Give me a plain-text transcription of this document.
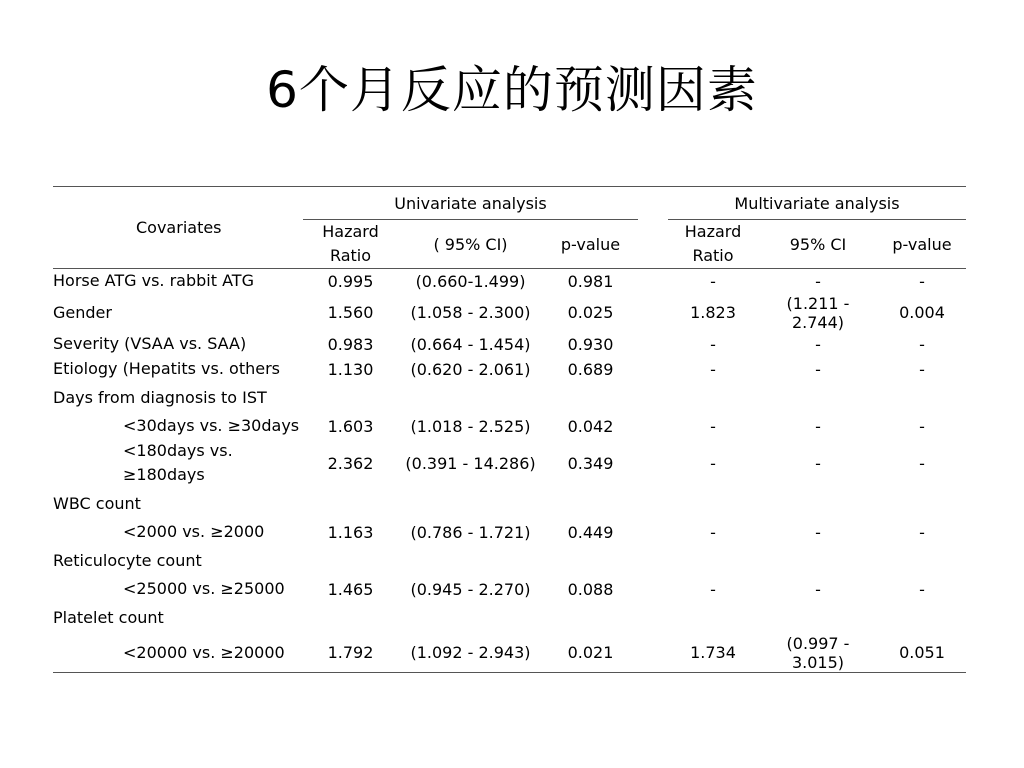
6个月反应的预测因素
Covariates	Univariate analysis				Multivariate analysis		
	Hazard Ratio	( 95% CI)	p-value		Hazard Ratio	95% CI	p-value
Horse ATG vs. rabbit ATG	0.995	(0.660-1.499)	0.981		-	-	-
Gender	1.560	(1.058 - 2.300)	0.025		1.823	(1.211 - 2.744)	0.004
Severity (VSAA vs. SAA)	0.983	(0.664 - 1.454)	0.930		-	-	-
Etiology (Hepatits vs. others	1.130	(0.620 - 2.061)	0.689		-	-	-
Days from diagnosis to IST							
<30days vs. ≥30days	1.603	(1.018 - 2.525)	0.042		-	-	-
<180days vs. ≥180days	2.362	(0.391 - 14.286)	0.349		-	-	-
WBC count							
<2000 vs. ≥2000	1.163	(0.786 - 1.721)	0.449		-	-	-
Reticulocyte count							
<25000 vs. ≥25000	1.465	(0.945 - 2.270)	0.088		-	-	-
Platelet count							
<20000 vs. ≥20000	1.792	(1.092 - 2.943)	0.021		1.734	(0.997 - 3.015)	0.051
